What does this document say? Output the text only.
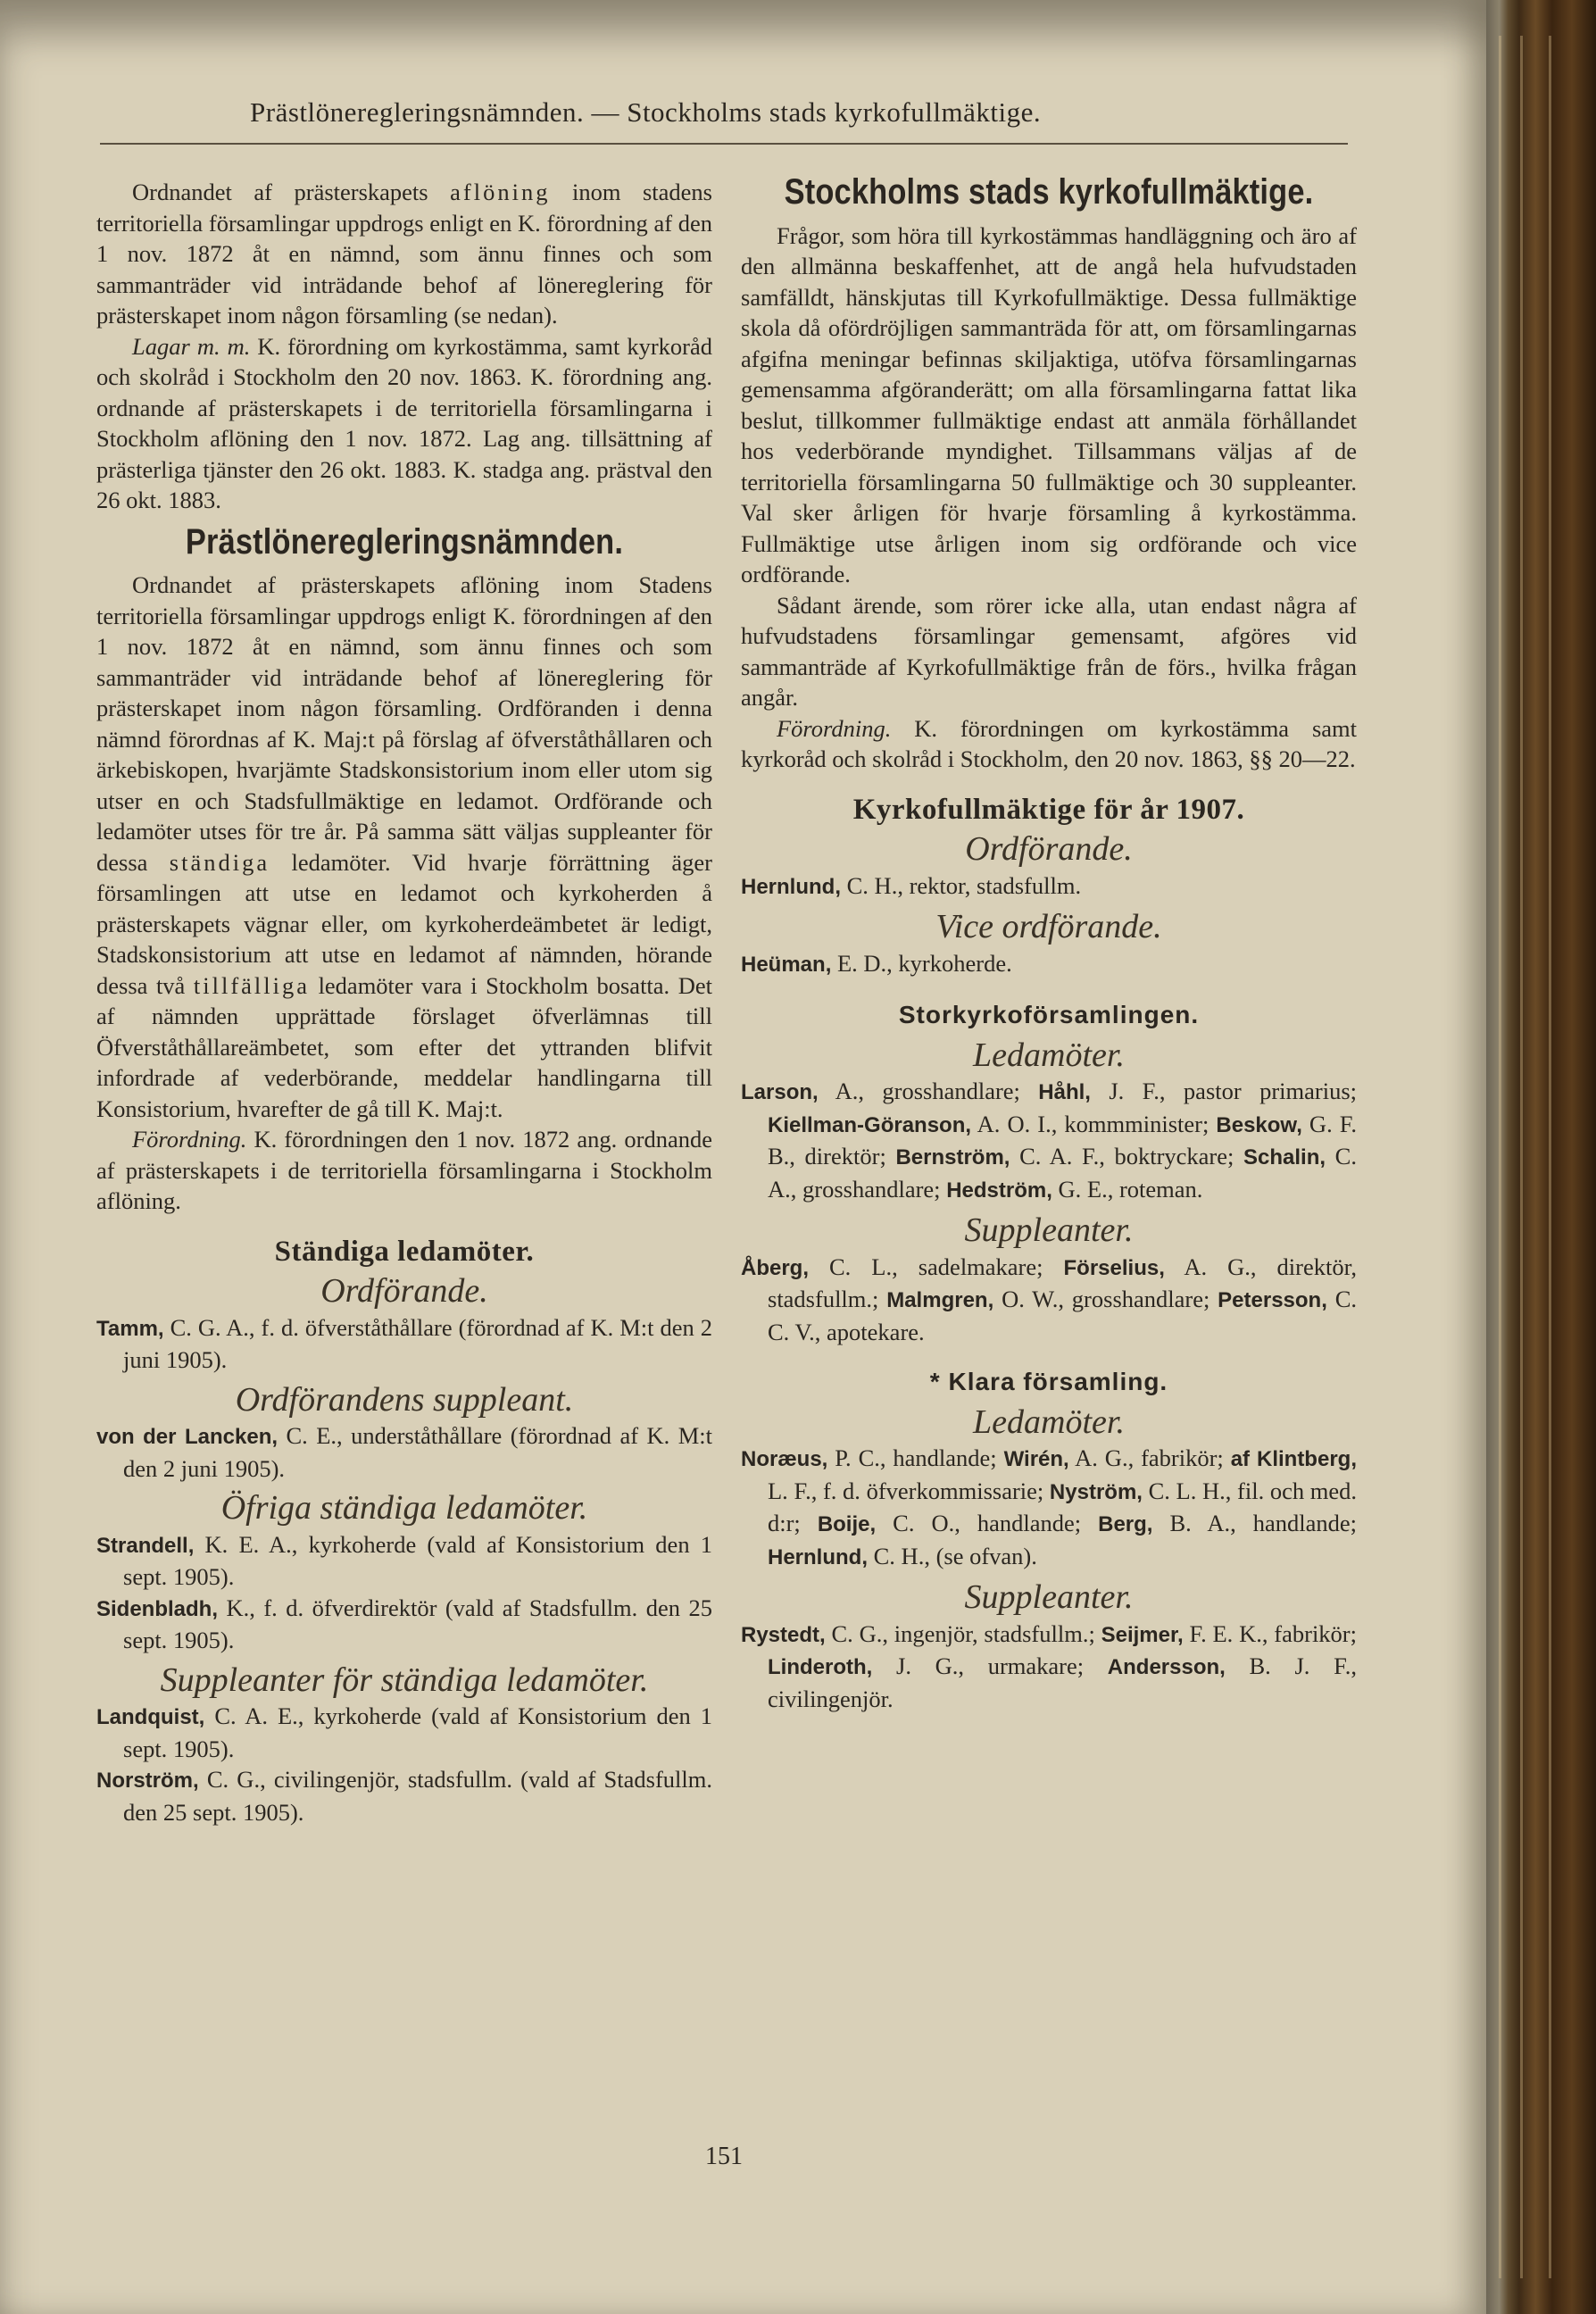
Prästlöneregleringsnämnden. — Stockholms stads kyrkofullmäktige.

Ordnandet af prästerskapets aflöning inom stadens territoriella församlingar uppdrogs enligt en K. förordning af den 1 nov. 1872 åt en nämnd, som ännu finnes och som sammanträder vid inträdande behof af lönereglering för prästerskapet inom någon församling (se nedan).

Lagar m. m. K. förordning om kyrkostämma, samt kyrkoråd och skolråd i Stockholm den 20 nov. 1863. K. förordning ang. ordnande af prästerskapets i de territoriella församlingarna i Stockholm aflöning den 1 nov. 1872. Lag ang. tillsättning af prästerliga tjänster den 26 okt. 1883. K. stadga ang. prästval den 26 okt. 1883.

Prästlöneregleringsnämnden.

Ordnandet af prästerskapets aflöning inom Stadens territoriella församlingar uppdrogs enligt K. förordningen af den 1 nov. 1872 åt en nämnd, som ännu finnes och som sammanträder vid inträdande behof af lönereglering för prästerskapet inom någon församling. Ordföranden i denna nämnd förordnas af K. Maj:t på förslag af öfverståthållaren och ärkebiskopen, hvarjämte Stadskonsistorium inom eller utom sig utser en och Stadsfullmäktige en ledamot. Ordförande och ledamöter utses för tre år. På samma sätt väljas suppleanter för dessa ständiga ledamöter. Vid hvarje förrättning äger församlingen att utse en ledamot och kyrkoherden å prästerskapets vägnar eller, om kyrkoherdeämbetet är ledigt, Stadskonsistorium att utse en ledamot af nämnden, hörande dessa två tillfälliga ledamöter vara i Stockholm bosatta. Det af nämnden upprättade förslaget öfverlämnas till Öfverståthållareämbetet, som efter det yttranden blifvit infordrade af vederbörande, meddelar handlingarna till Konsistorium, hvarefter de gå till K. Maj:t.

Förordning. K. förordningen den 1 nov. 1872 ang. ordnande af prästerskapets i de territoriella församlingarna i Stockholm aflöning.

Ständiga ledamöter.
Ordförande.

Tamm, C. G. A., f. d. öfverståthållare (förordnad af K. M:t den 2 juni 1905).

Ordförandens suppleant.

von der Lancken, C. E., underståthållare (förordnad af K. M:t den 2 juni 1905).

Öfriga ständiga ledamöter.

Strandell, K. E. A., kyrkoherde (vald af Konsistorium den 1 sept. 1905).

Sidenbladh, K., f. d. öfverdirektör (vald af Stadsfullm. den 25 sept. 1905).

Suppleanter för ständiga ledamöter.

Landquist, C. A. E., kyrkoherde (vald af Konsistorium den 1 sept. 1905).

Norström, C. G., civilingenjör, stadsfullm. (vald af Stadsfullm. den 25 sept. 1905).

Stockholms stads kyrkofullmäktige.

Frågor, som höra till kyrkostämmas handläggning och äro af den allmänna beskaffenhet, att de angå hela hufvudstaden samfälldt, hänskjutas till Kyrkofullmäktige. Dessa fullmäktige skola då ofördröjligen sammanträda för att, om församlingarnas afgifna meningar befinnas skiljaktiga, utöfva församlingarnas gemensamma afgöranderätt; om alla församlingarna fattat lika beslut, tillkommer fullmäktige endast att anmäla förhållandet hos vederbörande myndighet. Tillsammans väljas af de territoriella församlingarna 50 fullmäktige och 30 suppleanter. Val sker årligen för hvarje församling å kyrkostämma. Fullmäktige utse årligen inom sig ordförande och vice ordförande.

Sådant ärende, som rörer icke alla, utan endast några af hufvudstadens församlingar gemensamt, afgöres vid sammanträde af Kyrkofullmäktige från de förs., hvilka frågan angår.

Förordning. K. förordningen om kyrkostämma samt kyrkoråd och skolråd i Stockholm, den 20 nov. 1863, §§ 20—22.

Kyrkofullmäktige för år 1907.
Ordförande.

Hernlund, C. H., rektor, stadsfullm.

Vice ordförande.

Heüman, E. D., kyrkoherde.

Storkyrkoförsamlingen.
Ledamöter.

Larson, A., grosshandlare; Håhl, J. F., pastor primarius; Kiellman-Göranson, A. O. I., kommminister; Beskow, G. F. B., direktör; Bernström, C. A. F., boktryckare; Schalin, C. A., grosshandlare; Hedström, G. E., roteman.

Suppleanter.

Åberg, C. L., sadelmakare; Förselius, A. G., direktör, stadsfullm.; Malmgren, O. W., grosshandlare; Petersson, C. C. V., apotekare.

* Klara församling.
Ledamöter.

Noræus, P. C., handlande; Wirén, A. G., fabrikör; af Klintberg, L. F., f. d. öfverkommissarie; Nyström, C. L. H., fil. och med. d:r; Boije, C. O., handlande; Berg, B. A., handlande; Hernlund, C. H., (se ofvan).

Suppleanter.

Rystedt, C. G., ingenjör, stadsfullm.; Seijmer, F. E. K., fabrikör; Linderoth, J. G., urmakare; Andersson, B. J. F., civilingenjör.

151
